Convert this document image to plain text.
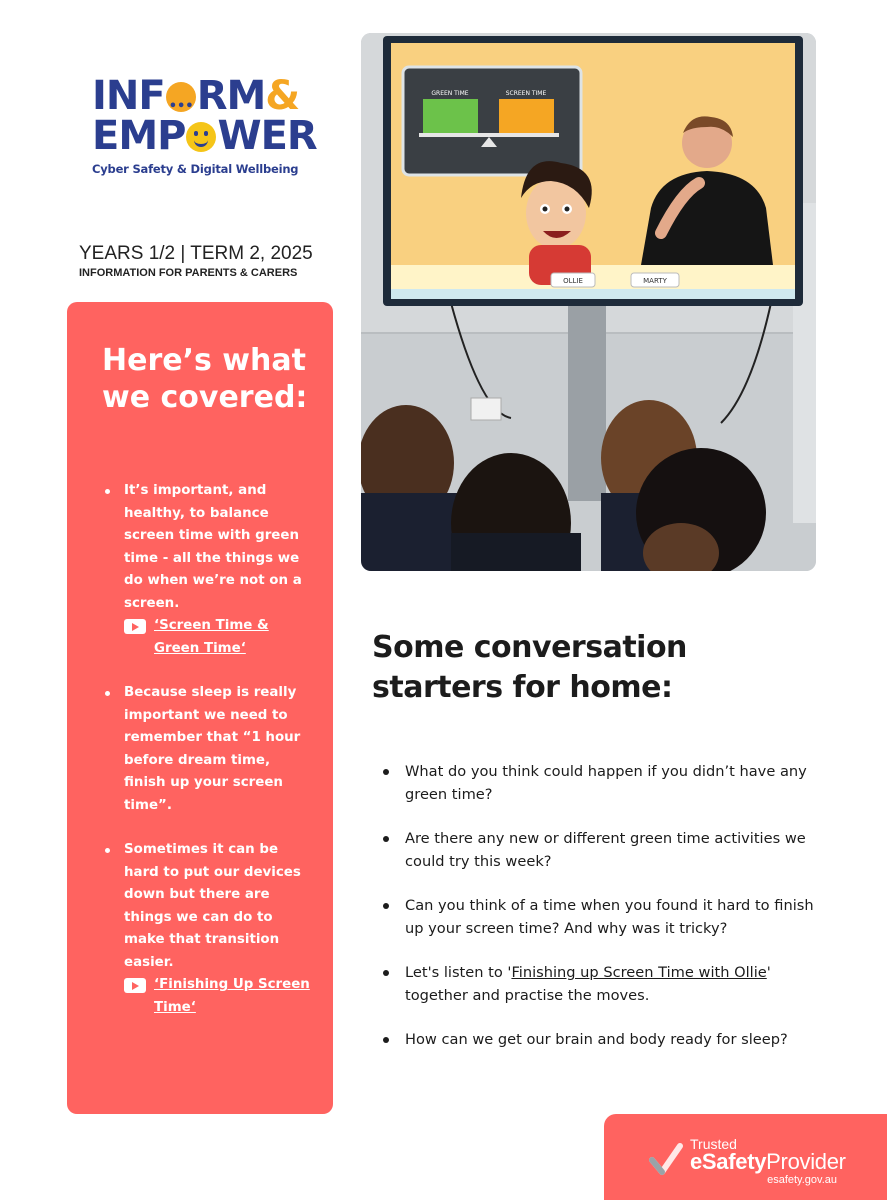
INF••• RM&
EMP WER
Cyber Safety & Digital Wellbeing
YEARS 1/2 | TERM 2, 2025
INFORMATION FOR PARENTS & CARERS
Here’s what we covered:
It’s important, and healthy, to balance screen time with green time - all the things we do when we’re not on a screen.
‘Screen Time & Green Time‘
Because sleep is really important we need to remember that “1 hour before dream time, finish up your screen time”.
Sometimes it can be hard to put our devices down but there are things we can do to make that transition easier.
‘Finishing Up Screen Time‘
GREEN TIME	SCREEN TIME
OLLIE	MARTY
Some conversation starters for home:
What do you think could happen if you didn’t have any green time?
Are there any new or different green time activities we could try this week?
Can you think of a time when you found it hard to finish up your screen time? And why was it tricky?
Let's listen to 'Finishing up Screen Time with Ollie' together and practise the moves.
How can we get our brain and body ready for sleep?
Trusted
eSafetyProvider
esafety.gov.au
